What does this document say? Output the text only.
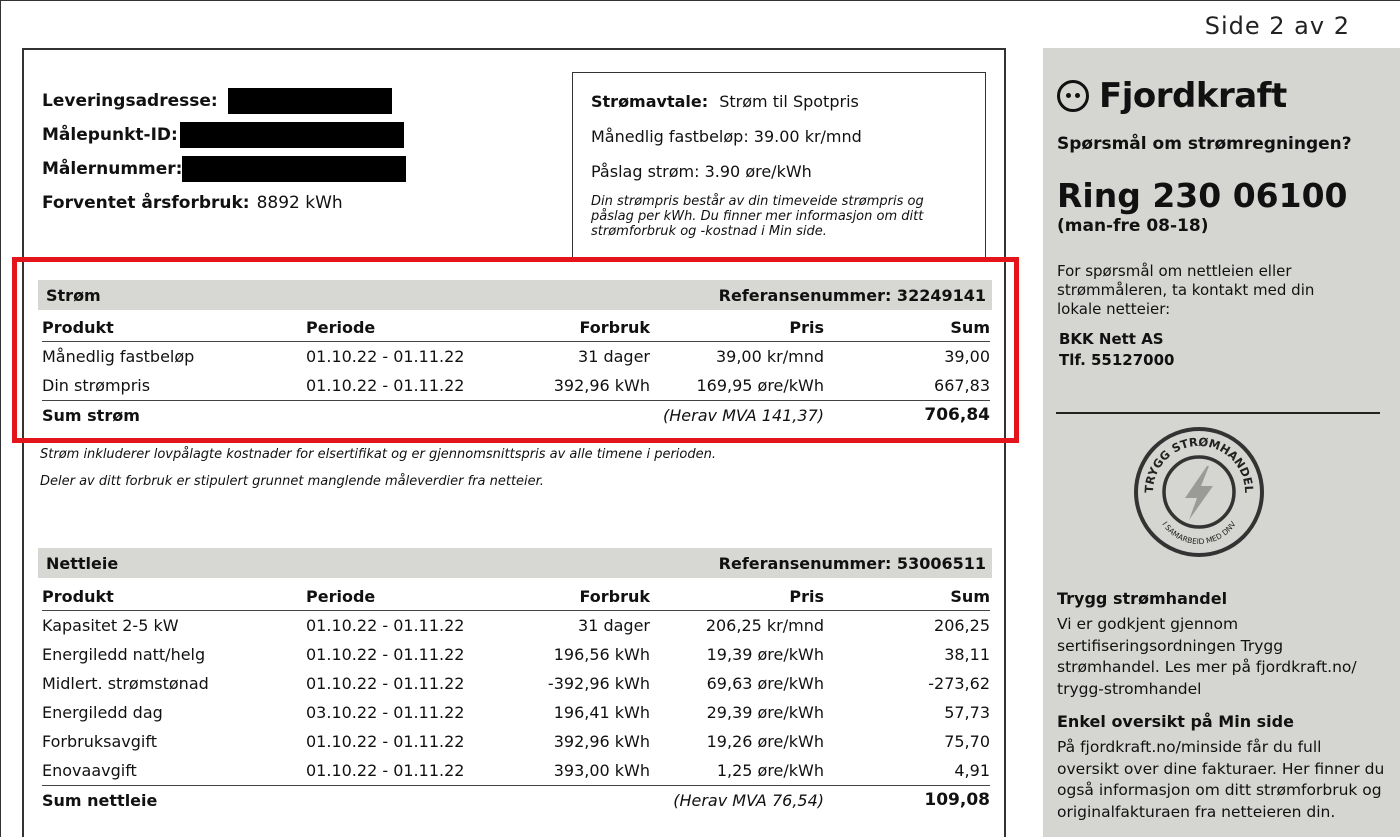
Side 2 av 2
Leveringsadresse:
Målepunkt-ID:
Målernummer:
Forventet årsforbruk: 8892 kWh
Strømavtale: Strøm til Spotpris
Månedlig fastbeløp: 39.00 kr/mnd
Påslag strøm: 3.90 øre/kWh
Din strømpris består av din timeveide strømpris og påslag per kWh. Du finner mer informasjon om ditt strømforbruk og -kostnad i Min side.
Strøm	Referansenummer: 32249141
Produkt	Periode	Forbruk	Pris	Sum
Månedlig fastbeløp	01.10.22 - 01.11.22	31 dager	39,00 kr/mnd	39,00
Din strømpris	01.10.22 - 01.11.22	392,96 kWh	169,95 øre/kWh	667,83
Sum strøm	(Herav MVA 141,37)	706,84
Strøm inkluderer lovpålagte kostnader for elsertifikat og er gjennomsnittspris av alle timene i perioden.
Deler av ditt forbruk er stipulert grunnet manglende måleverdier fra netteier.
Nettleie	Referansenummer: 53006511
Produkt	Periode	Forbruk	Pris	Sum
Kapasitet 2-5 kW	01.10.22 - 01.11.22	31 dager	206,25 kr/mnd	206,25
Energiledd natt/helg	01.10.22 - 01.11.22	196,56 kWh	19,39 øre/kWh	38,11
Midlert. strømstønad	01.10.22 - 01.11.22	-392,96 kWh	69,63 øre/kWh	-273,62
Energiledd dag	03.10.22 - 01.11.22	196,41 kWh	29,39 øre/kWh	57,73
Forbruksavgift	01.10.22 - 01.11.22	392,96 kWh	19,26 øre/kWh	75,70
Enovaavgift	01.10.22 - 01.11.22	393,00 kWh	1,25 øre/kWh	4,91
Sum nettleie	(Herav MVA 76,54)	109,08
Fjordkraft
Spørsmål om strømregningen?
Ring 230 06100
(man-fre 08-18)
For spørsmål om nettleien eller strømmåleren, ta kontakt med din lokale netteier:
BKK Nett AS
Tlf. 55127000
TRYGG STRØMHANDEL
I SAMARBEID MED DNV
Trygg strømhandel
Vi er godkjent gjennom sertifiseringsordningen Trygg strømhandel. Les mer på fjordkraft.no/ trygg-stromhandel
Enkel oversikt på Min side
På fjordkraft.no/minside får du full oversikt over dine fakturaer. Her finner du også informasjon om ditt strømforbruk og originalfakturaen fra netteieren din.
